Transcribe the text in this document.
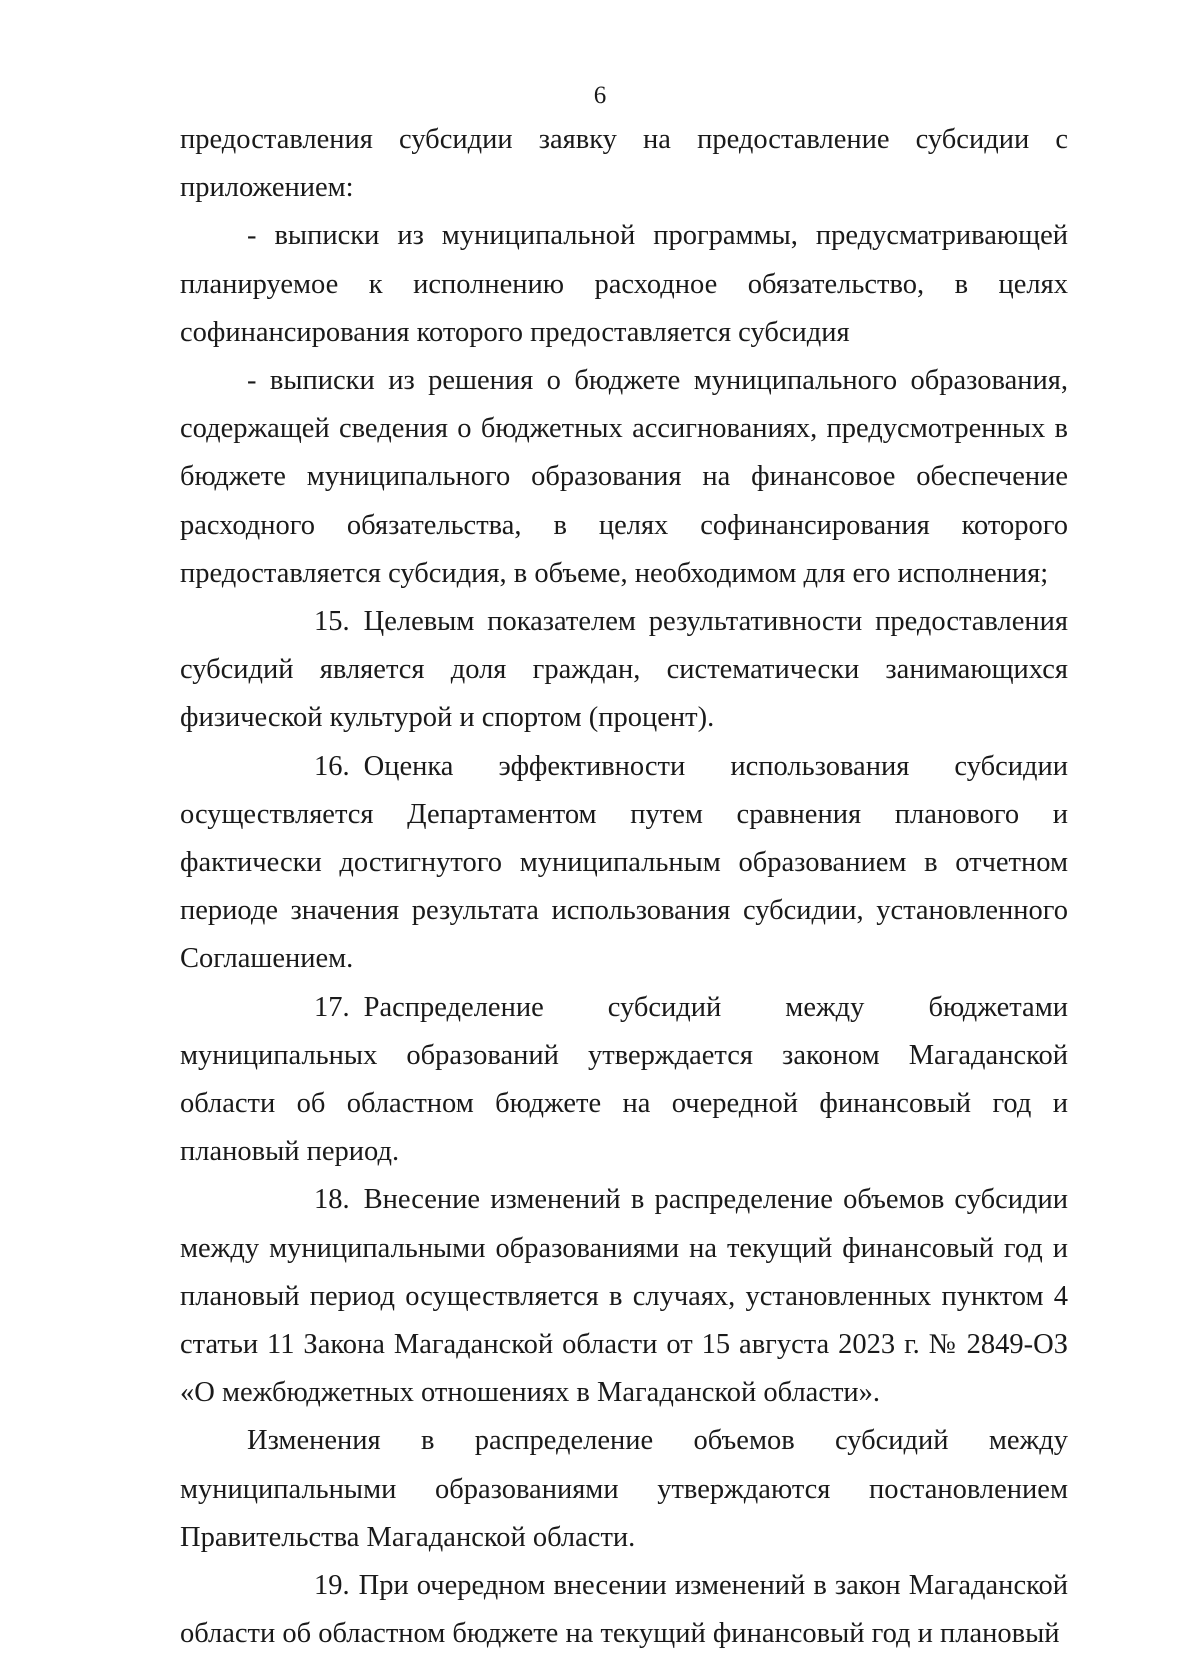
6

предоставления субсидии заявку на предоставление субсидии с приложением:

- выписки из муниципальной программы, предусматривающей планируемое к исполнению расходное обязательство, в целях софинансирования которого предоставляется субсидия

- выписки из решения о бюджете муниципального образования, содержащей сведения о бюджетных ассигнованиях, предусмотренных в бюджете муниципального образования на финансовое обеспечение расходного обязательства, в целях софинансирования которого предоставляется субсидия, в объеме, необходимом для его исполнения;

15. Целевым показателем результативности предоставления субсидий является доля граждан, систематически занимающихся физической культурой и спортом (процент).

16. Оценка эффективности использования субсидии осуществляется Департаментом путем сравнения планового и фактически достигнутого муниципальным образованием в отчетном периоде значения результата использования субсидии, установленного Соглашением.

17. Распределение субсидий между бюджетами муниципальных образований утверждается законом Магаданской области об областном бюджете на очередной финансовый год и плановый период.

18. Внесение изменений в распределение объемов субсидии между муниципальными образованиями на текущий финансовый год и плановый период осуществляется в случаях, установленных пунктом 4 статьи 11 Закона Магаданской области от 15 августа 2023 г. № 2849-ОЗ «О межбюджетных отношениях в Магаданской области».

Изменения в распределение объемов субсидий между муниципальными образованиями утверждаются постановлением Правительства Магаданской области.

19. При очередном внесении изменений в закон Магаданской области об областном бюджете на текущий финансовый год и плановый
